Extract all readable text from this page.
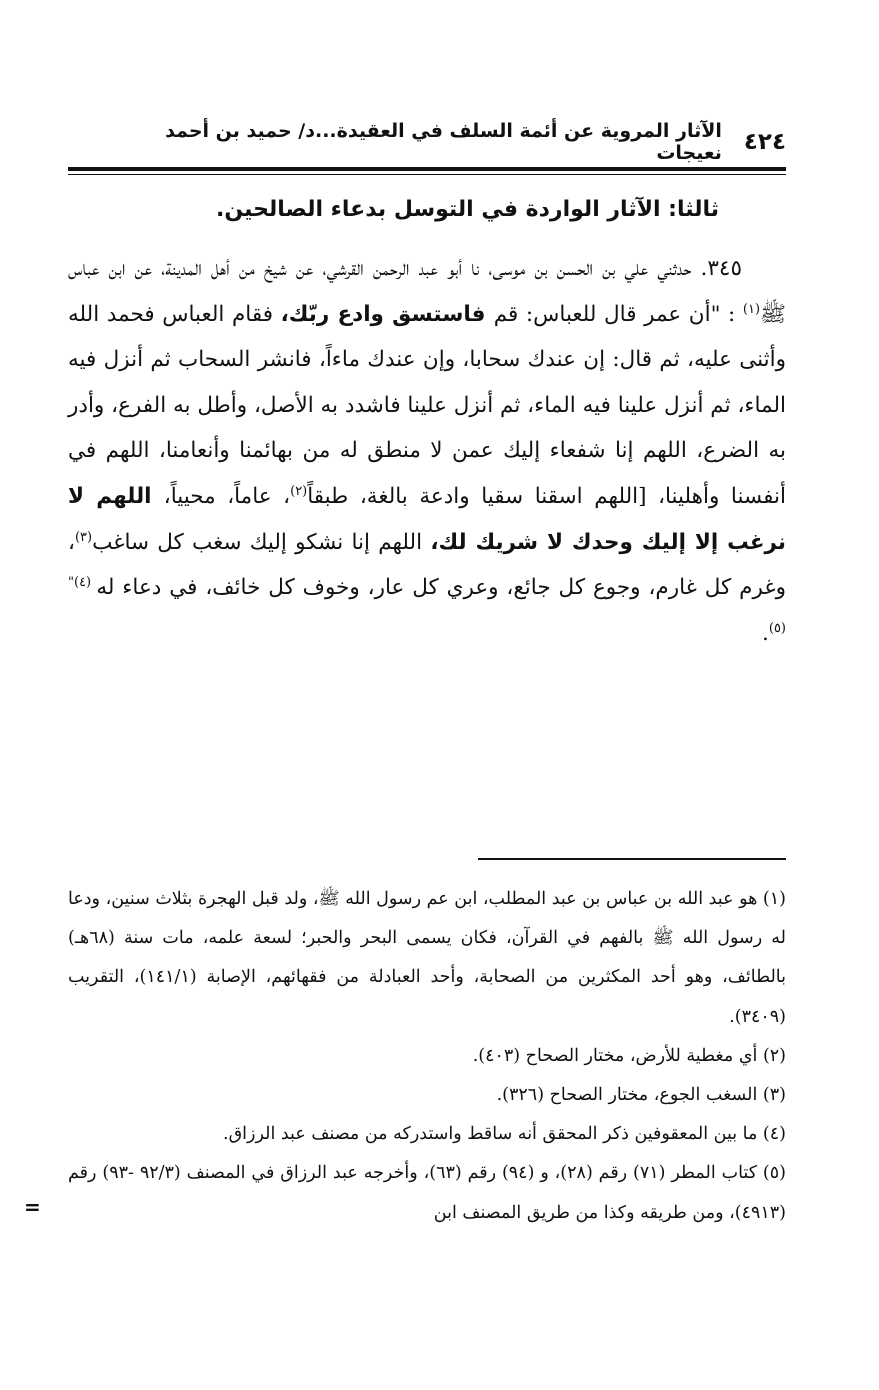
٤٢٤
الآثار المروية عن أئمة السلف في العقيدة...د/ حميد بن أحمد نعيجات
ثالثا: الآثار الواردة في التوسل بدعاء الصالحين.

٣٤٥. حدثني علي بن الحسن بن موسى، نا أبو عبد الرحمن القرشي، عن شيخ من أهل المدينة، عن ابن عباس ﷺ$^{(١)}$ : "أن عمر قال للعباس: قم فاستسق وادع ربّك، فقام العباس فحمد الله وأثنى عليه، ثم قال: إن عندك سحابا، وإن عندك ماءاً، فانشر السحاب ثم أنزل فيه الماء، ثم أنزل علينا فيه الماء، ثم أنزل علينا فاشدد به الأصل، وأطل به الفرع، وأدر به الضرع، اللهم إنا شفعاء إليك عمن لا منطق له من بهائمنا وأنعامنا، اللهم في أنفسنا وأهلينا، [اللهم اسقنا سقيا وادعة بالغة، طبقاً$^{(٢)}$، عاماً، محيياً، اللهم لا نرغب إلا إليك وحدك لا شريك لك، اللهم إنا نشكو إليك سغب كل ساغب$^{(٣)}$، وغرم كل غارم، وجوع كل جائع، وعري كل عار، وخوف كل خائف، في دعاء له $^{(٤)"(٥)}$.

(١) هو عبد الله بن عباس بن عبد المطلب، ابن عم رسول الله ﷺ، ولد قبل الهجرة بثلاث سنين، ودعا له رسول الله ﷺ بالفهم في القرآن، فكان يسمى البحر والحبر؛ لسعة علمه، مات سنة (٦٨هـ) بالطائف، وهو أحد المكثرين من الصحابة، وأحد العبادلة من فقهائهم، الإصابة (١٤١/١)، التقريب (٣٤٠٩).

(٢) أي مغطية للأرض، مختار الصحاح (٤٠٣).

(٣) السغب الجوع، مختار الصحاح (٣٢٦).

(٤) ما بين المعقوفين ذكر المحقق أنه ساقط واستدركه من مصنف عبد الرزاق.

(٥) كتاب المطر (٧١) رقم (٢٨)، و (٩٤) رقم (٦٣)، وأخرجه عبد الرزاق في المصنف (٩٢/٣ -٩٣) رقم (٤٩١٣)، ومن طريقه وكذا من طريق المصنف ابن
=
